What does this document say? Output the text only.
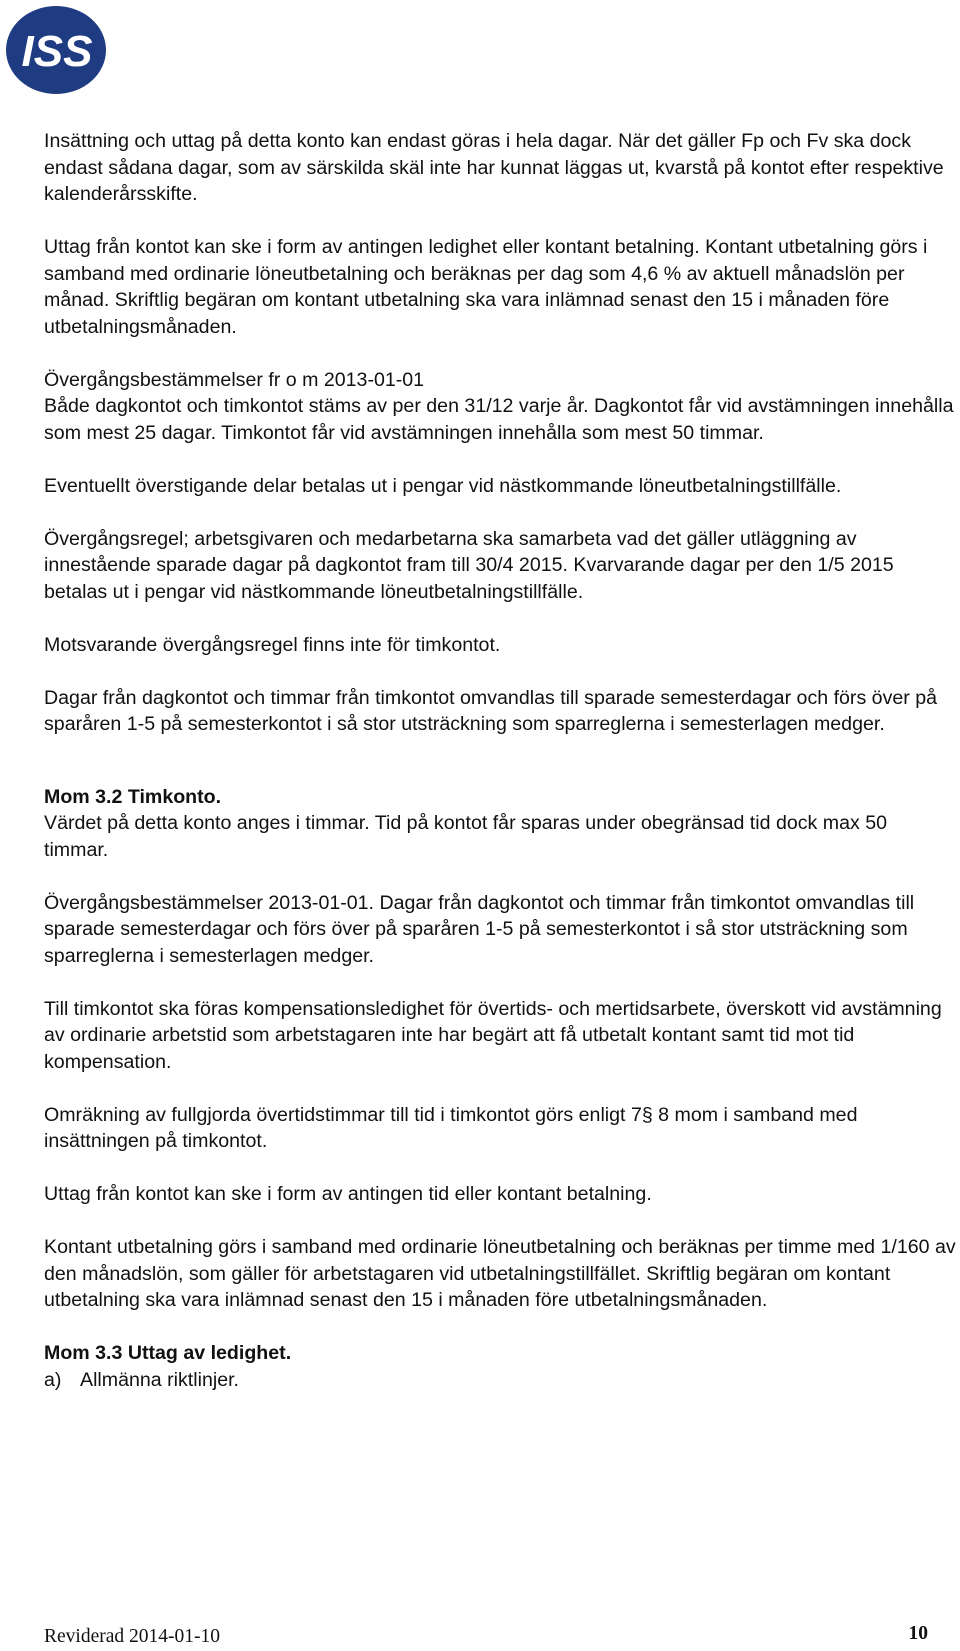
ISS

Insättning och uttag på detta konto kan endast göras i hela dagar. När det gäller Fp och Fv ska dock endast sådana dagar, som av särskilda skäl inte har kunnat läggas ut, kvarstå på kontot efter respektive kalenderårsskifte.

Uttag från kontot kan ske i form av antingen ledighet eller kontant betalning. Kontant utbetalning görs i samband med ordinarie löneutbetalning och beräknas per dag som 4,6 % av aktuell månadslön per månad. Skriftlig begäran om kontant utbetalning ska vara inlämnad senast den 15 i månaden före utbetalningsmånaden.

Övergångsbestämmelser fr o m 2013-01-01

Både dagkontot och timkontot stäms av per den 31/12 varje år. Dagkontot får vid avstämningen innehålla som mest 25 dagar. Timkontot får vid avstämningen innehålla som mest 50 timmar.

Eventuellt överstigande delar betalas ut i pengar vid nästkommande löneutbetalningstillfälle.

Övergångsregel; arbetsgivaren och medarbetarna ska samarbeta vad det gäller utläggning av innestående sparade dagar på dagkontot fram till 30/4 2015. Kvarvarande dagar per den 1/5 2015 betalas ut i pengar vid nästkommande löneutbetalningstillfälle.

Motsvarande övergångsregel finns inte för timkontot.

Dagar från dagkontot och timmar från timkontot omvandlas till sparade semesterdagar och förs över på sparåren 1-5 på semesterkontot i så stor utsträckning som sparreglerna i semesterlagen medger.

Mom 3.2 Timkonto.

Värdet på detta konto anges i timmar. Tid på kontot får sparas under obegränsad tid dock max 50 timmar.

Övergångsbestämmelser 2013-01-01. Dagar från dagkontot och timmar från timkontot omvandlas till sparade semesterdagar och förs över på sparåren 1-5 på semesterkontot i så stor utsträckning som sparreglerna i semesterlagen medger.

Till timkontot ska föras kompensationsledighet för övertids- och mertidsarbete, överskott vid avstämning av ordinarie arbetstid som arbetstagaren inte har begärt att få utbetalt kontant samt tid mot tid kompensation.

Omräkning av fullgjorda övertidstimmar till tid i timkontot görs enligt 7§ 8 mom i samband med insättningen på timkontot.

Uttag från kontot kan ske i form av antingen tid eller kontant betalning.

Kontant utbetalning görs i samband med ordinarie löneutbetalning och beräknas per timme med 1/160 av den månadslön, som gäller för arbetstagaren vid utbetalningstillfället. Skriftlig begäran om kontant utbetalning ska vara inlämnad senast den 15 i månaden före utbetalningsmånaden.

Mom 3.3 Uttag av ledighet.

a) Allmänna riktlinjer.
Reviderad 2014-01-10	10
